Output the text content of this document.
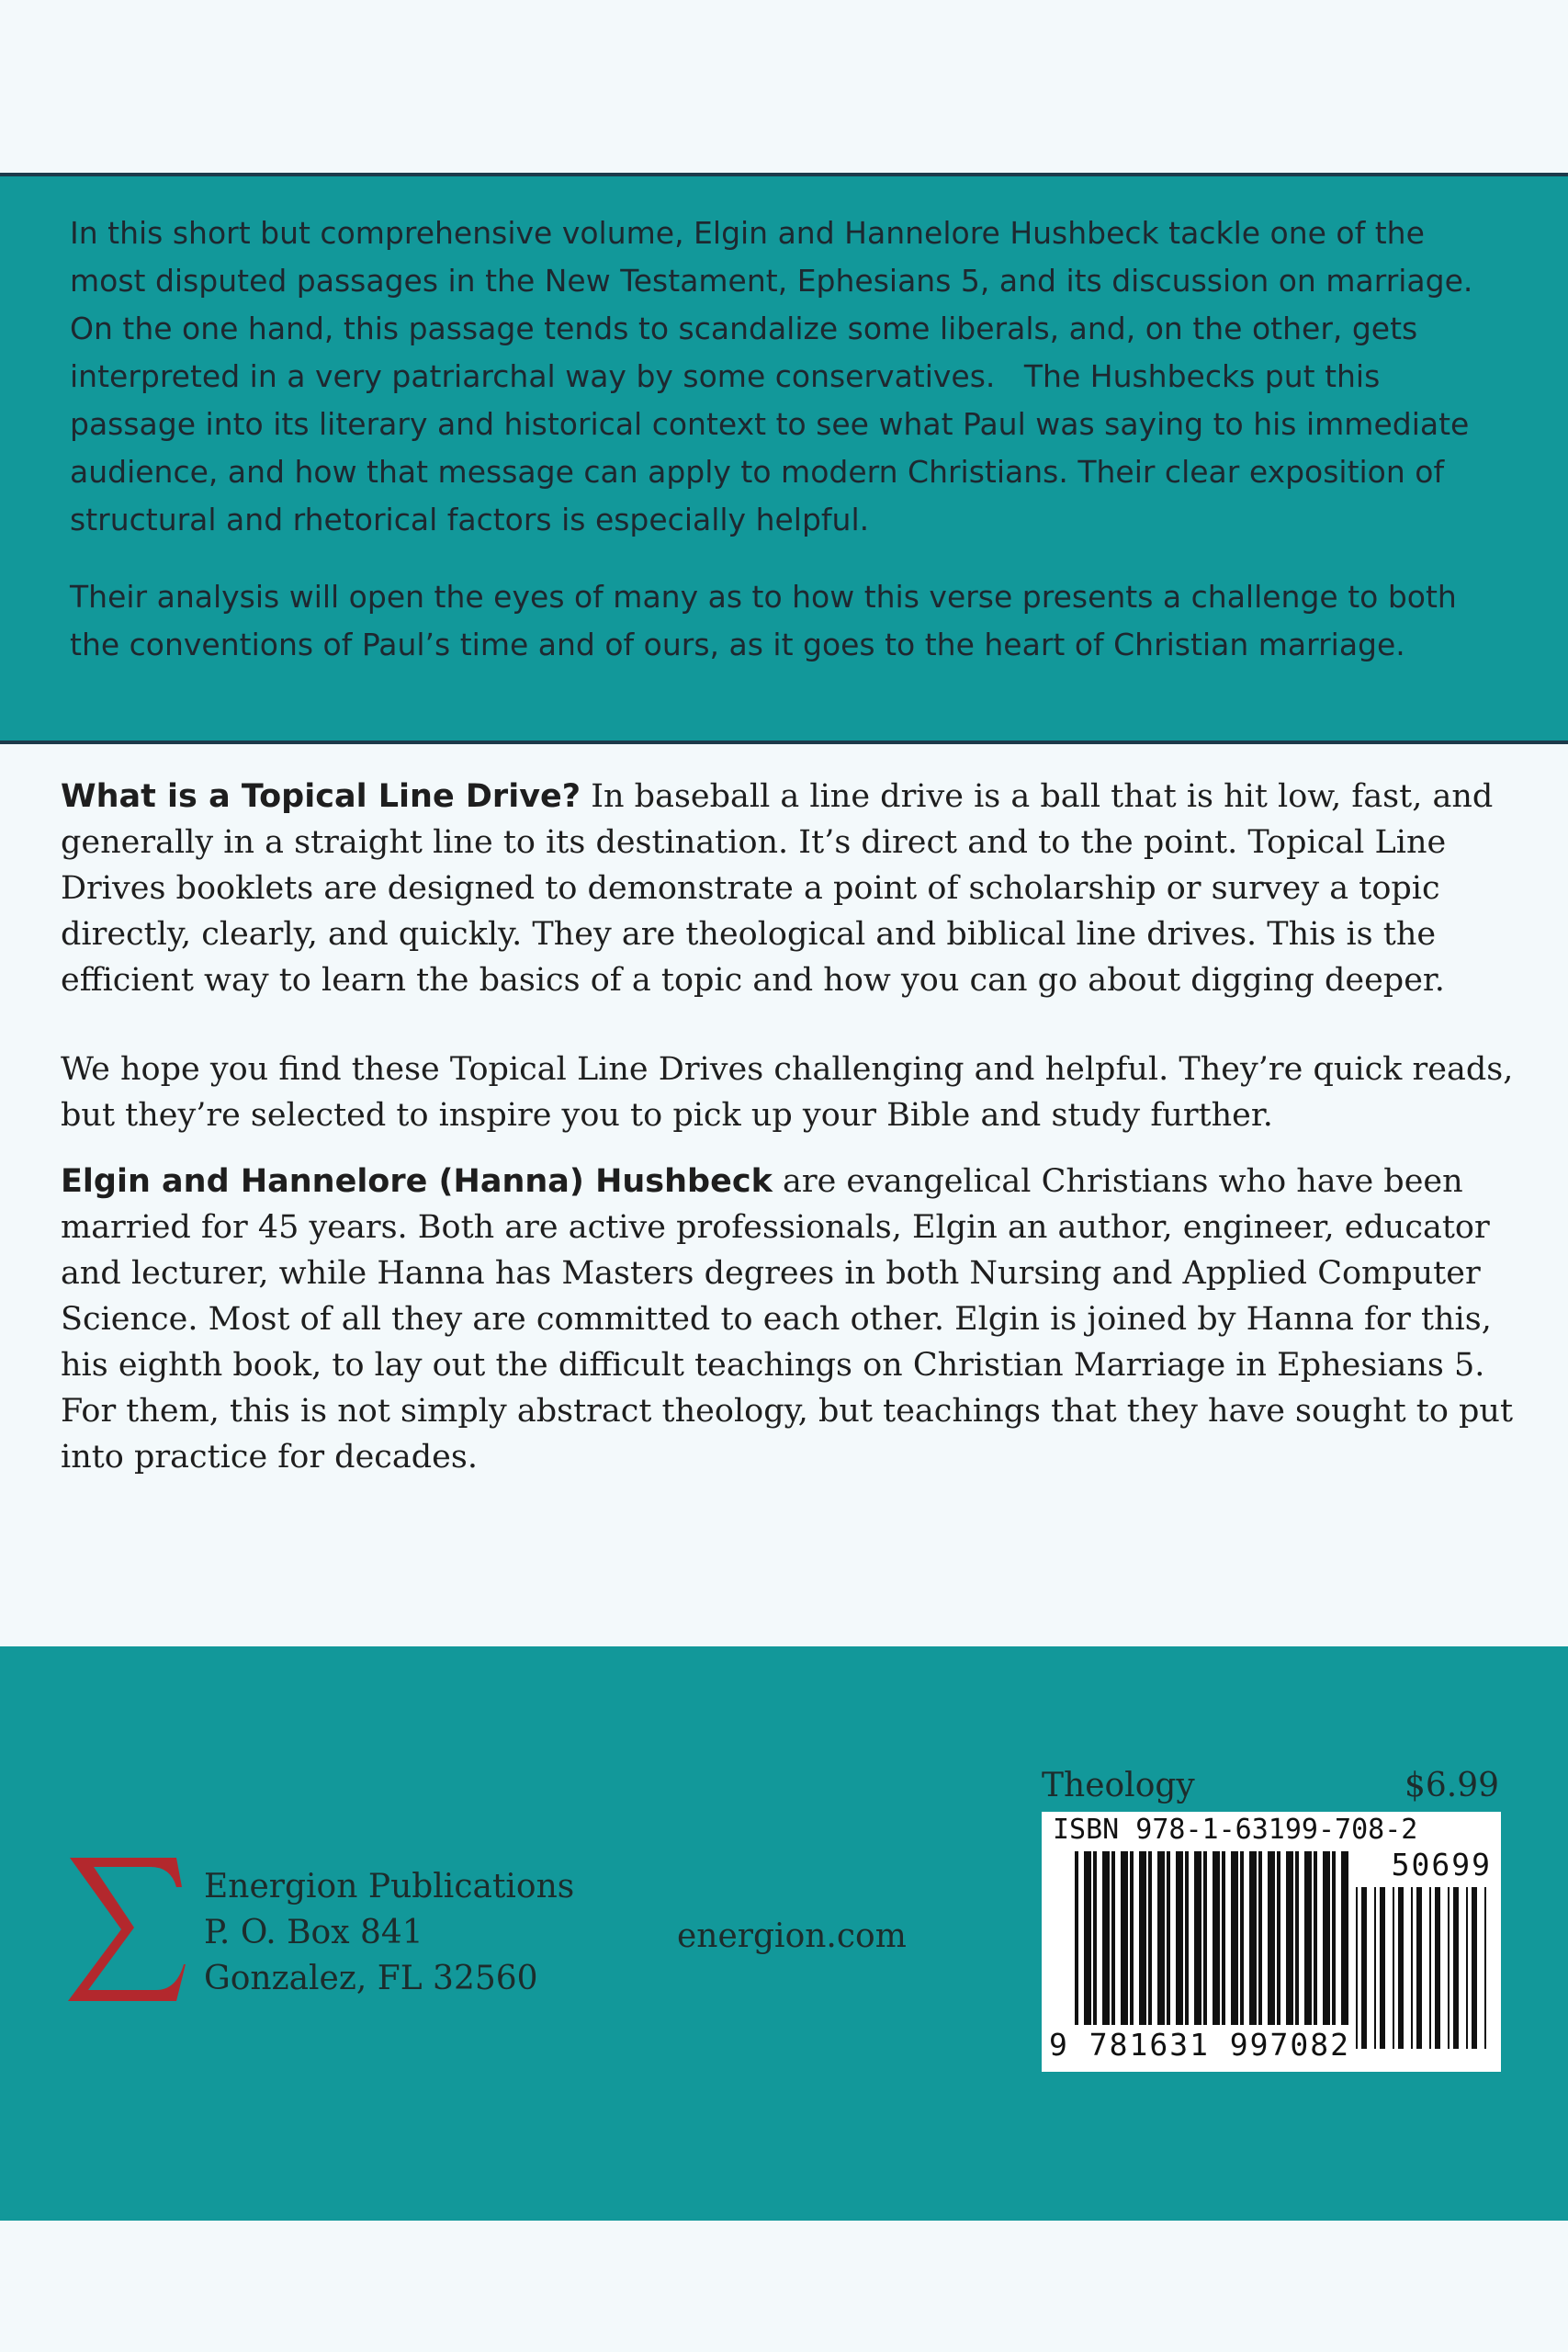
In this short but comprehensive volume, Elgin and Hannelore Hushbeck tackle one of the most disputed passages in the New Testament, Ephesians 5, and its discussion on marriage.   On the one hand, this passage tends to scandalize some liberals, and, on the other, gets interpreted in a very patriarchal way by some conservatives.   The Hushbecks put this passage into its literary and historical context to see what Paul was saying to his immediate audience, and how that message can apply to modern Christians. Their clear exposition of structural and rhetorical factors is especially helpful.

Their analysis will open the eyes of many as to how this verse presents a challenge to both the conventions of Paul’s time and of ours, as it goes to the heart of Christian marriage.

What is a Topical Line Drive? In baseball a line drive is a ball that is hit low, fast, and generally in a straight line to its destination. It’s direct and to the point. Topical Line Drives booklets are designed to demonstrate a point of scholarship or survey a topic directly, clearly, and quickly. They are theological and biblical line drives. This is the efficient way to learn the basics of a topic and how you can go about digging deeper.

We hope you find these Topical Line Drives challenging and helpful. They’re quick reads, but they’re selected to inspire you to pick up your Bible and study further.

Elgin and Hannelore (Hanna) Hushbeck are evangelical Christians who have been married for 45 years. Both are active professionals, Elgin an author, engineer, educator and lecturer, while Hanna has Masters degrees in both Nursing and Applied Computer Science. Most of all they are committed to each other. Elgin is joined by Hanna for this, his eighth book, to lay out the difficult teachings on Christian Marriage in Ephesians 5. For them, this is not simply abstract theology, but teachings that they have sought to put into practice for decades.

Energion Publications
P. O. Box 841
Gonzalez, FL 32560
energion.com
Theology	$6.99
ISBN 978-1-63199-708-2
50699
9 781631 997082
